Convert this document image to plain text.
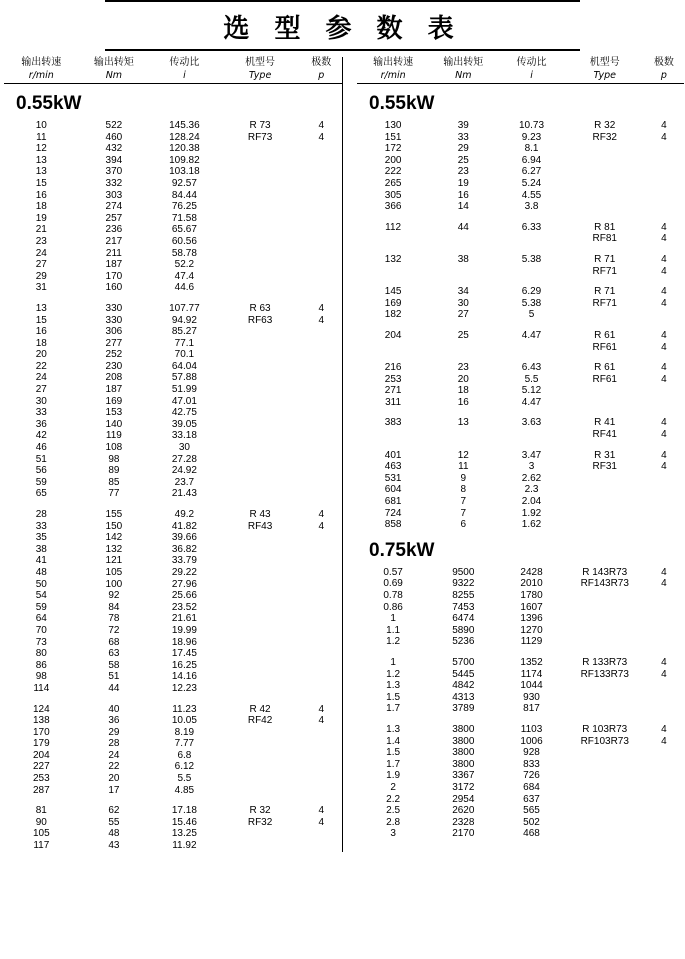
选 型 参 数 表
输出转速	输出转矩	传动比	机型号	极数
r/min	Nm	i	Type	p
0.55kW
10	522	145.36	R 73	4
11	460	128.24	RF73	4
12	432	120.38		
13	394	109.82		
13	370	103.18		
15	332	92.57		
16	303	84.44		
18	274	76.25		
19	257	71.58		
21	236	65.67		
23	217	60.56		
24	211	58.78		
27	187	52.2		
29	170	47.4		
31	160	44.6		
13	330	107.77	R 63	4
15	330	94.92	RF63	4
16	306	85.27		
18	277	77.1		
20	252	70.1		
22	230	64.04		
24	208	57.88		
27	187	51.99		
30	169	47.01		
33	153	42.75		
36	140	39.05		
42	119	33.18		
46	108	30		
51	98	27.28		
56	89	24.92		
59	85	23.7		
65	77	21.43		
28	155	49.2	R 43	4
33	150	41.82	RF43	4
35	142	39.66		
38	132	36.82		
41	121	33.79		
48	105	29.22		
50	100	27.96		
54	92	25.66		
59	84	23.52		
64	78	21.61		
70	72	19.99		
73	68	18.96		
80	63	17.45		
86	58	16.25		
98	51	14.16		
114	44	12.23		
124	40	11.23	R 42	4
138	36	10.05	RF42	4
170	29	8.19		
179	28	7.77		
204	24	6.8		
227	22	6.12		
253	20	5.5		
287	17	4.85		
81	62	17.18	R 32	4
90	55	15.46	RF32	4
105	48	13.25		
117	43	11.92		
输出转速	输出转矩	传动比	机型号	极数
r/min	Nm	i	Type	p
0.55kW
130	39	10.73	R 32	4
151	33	9.23	RF32	4
172	29	8.1		
200	25	6.94		
222	23	6.27		
265	19	5.24		
305	16	4.55		
366	14	3.8		
112	44	6.33	R 81	4
			RF81	4
132	38	5.38	R 71	4
			RF71	4
145	34	6.29	R 71	4
169	30	5.38	RF71	4
182	27	5		
204	25	4.47	R 61	4
			RF61	4
216	23	6.43	R 61	4
253	20	5.5	RF61	4
271	18	5.12		
311	16	4.47		
383	13	3.63	R 41	4
			RF41	4
401	12	3.47	R 31	4
463	11	3	RF31	4
531	9	2.62		
604	8	2.3		
681	7	2.04		
724	7	1.92		
858	6	1.62		
0.75kW
0.57	9500	2428	R 143R73	4
0.69	9322	2010	RF143R73	4
0.78	8255	1780		
0.86	7453	1607		
1	6474	1396		
1.1	5890	1270		
1.2	5236	1129		
1	5700	1352	R 133R73	4
1.2	5445	1174	RF133R73	4
1.3	4842	1044		
1.5	4313	930		
1.7	3789	817		
1.3	3800	1103	R 103R73	4
1.4	3800	1006	RF103R73	4
1.5	3800	928		
1.7	3800	833		
1.9	3367	726		
2	3172	684		
2.2	2954	637		
2.5	2620	565		
2.8	2328	502		
3	2170	468		
